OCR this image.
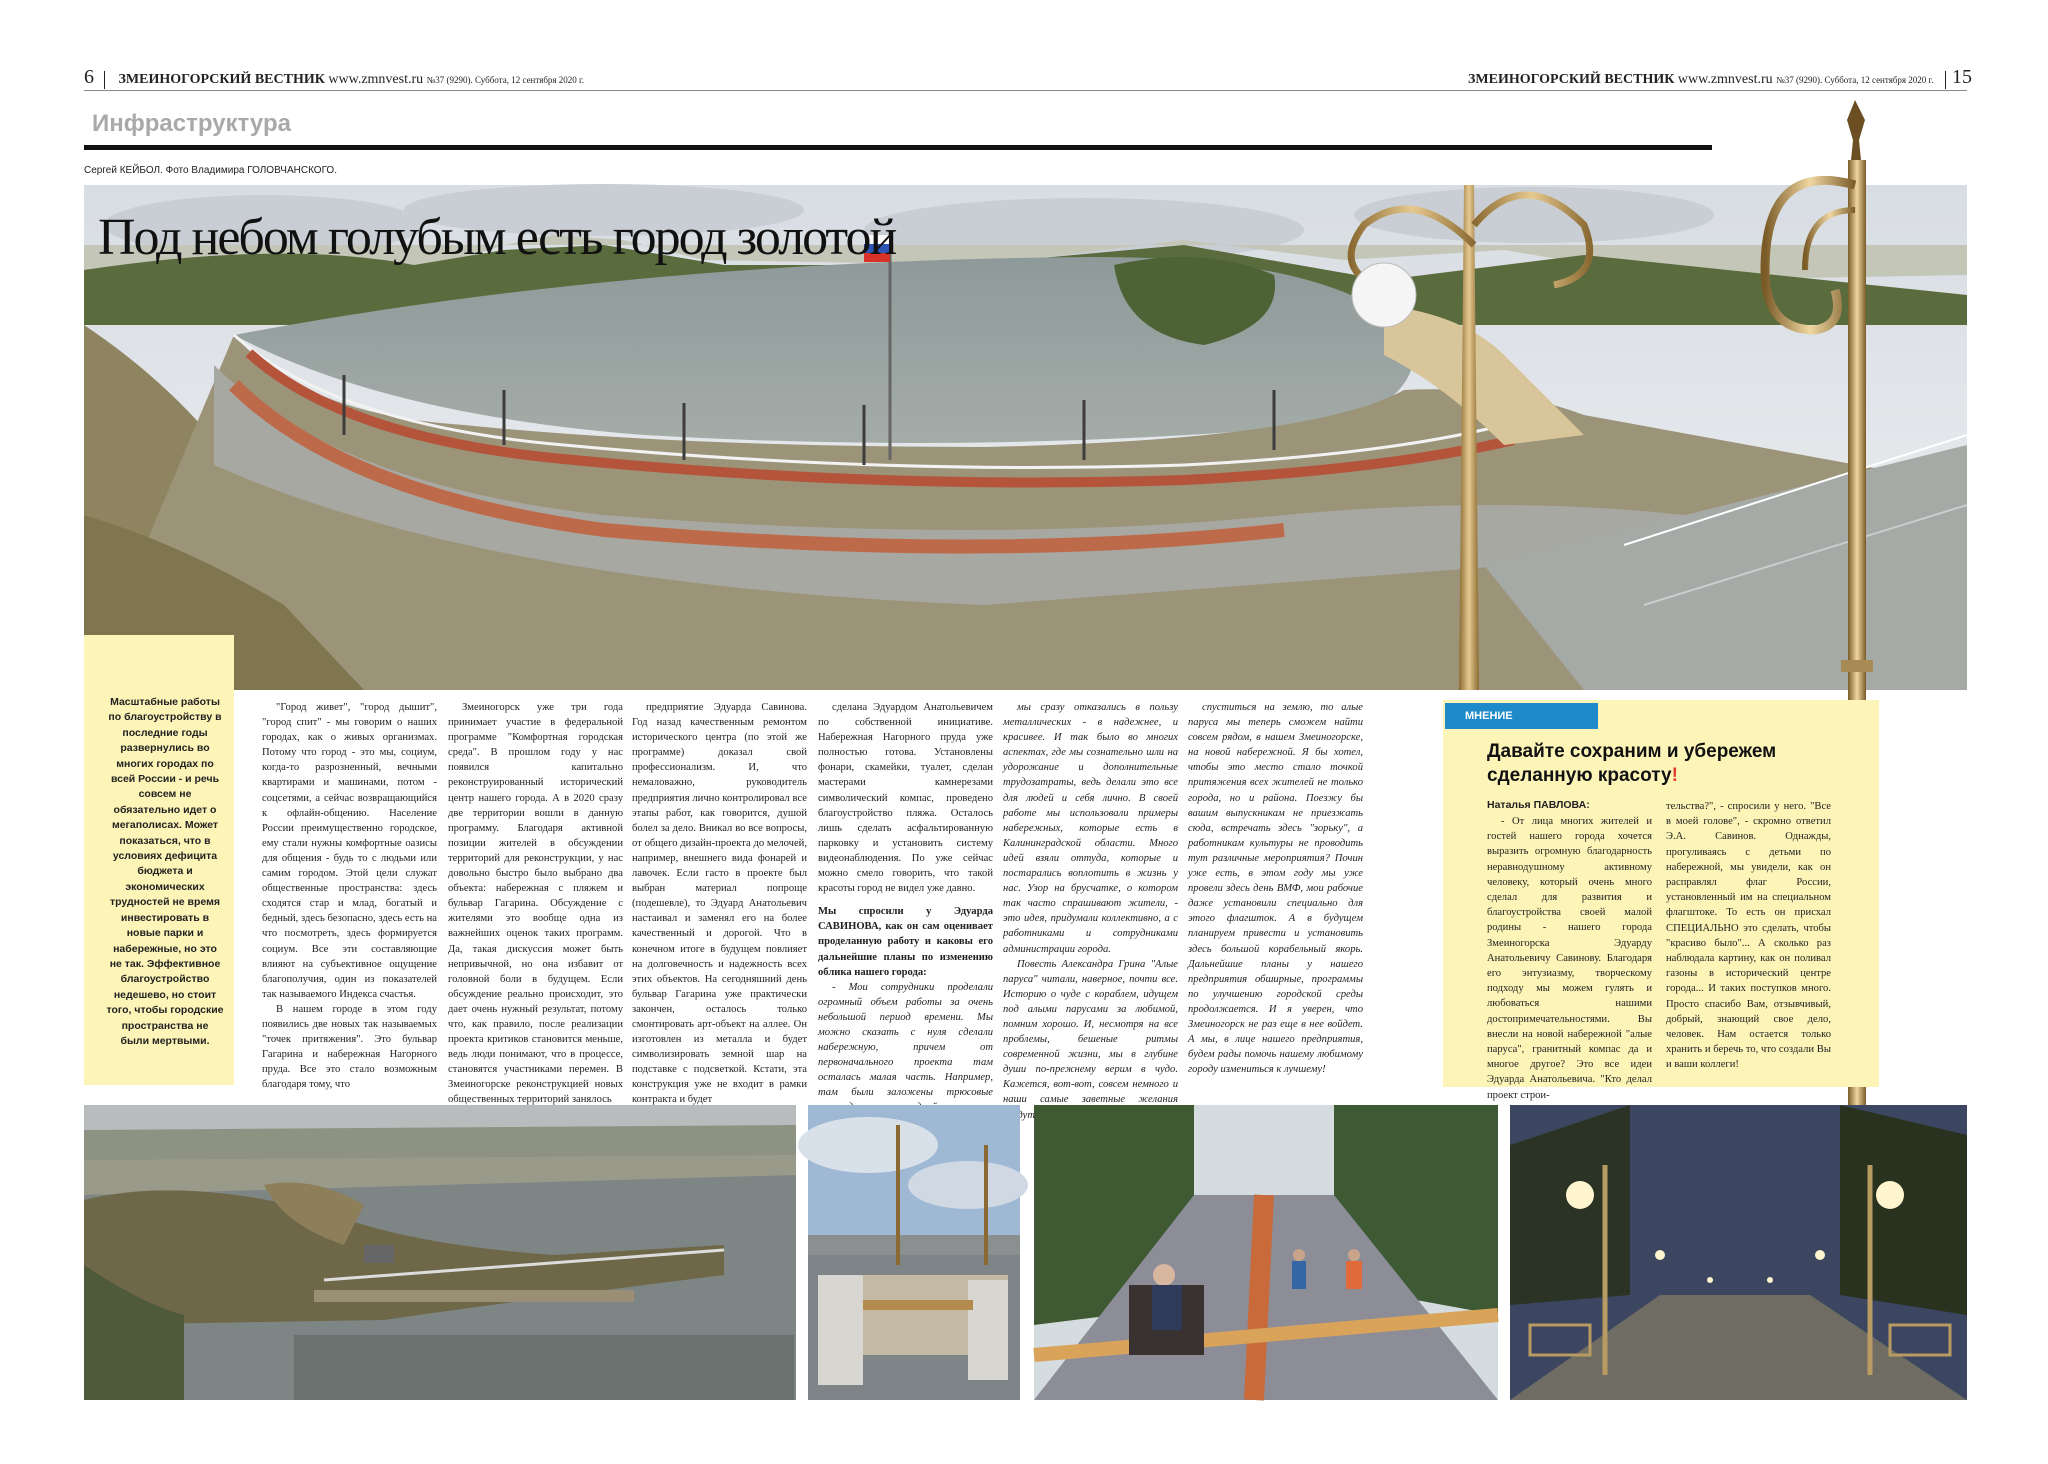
6 ЗМЕИНОГОРСКИЙ ВЕСТНИК www.zmnvest.ru №37 (9290). Суббота, 12 сентября 2020 г.	ЗМЕИНОГОРСКИЙ ВЕСТНИК www.zmnvest.ru №37 (9290). Суббота, 12 сентября 2020 г. 15
Инфраструктура
Сергей КЕЙБОЛ. Фото Владимира ГОЛОВЧАНСКОГО.
Под небом голубым есть город золотой
Масштабные работы по благоустройству в последние годы развернулись во многих городах по всей России - и речь совсем не обязательно идет о мегаполисах. Может показаться, что в условиях дефицита бюджета и экономических трудностей не время инвестировать в новые парки и набережные, но это не так. Эффективное благоустройство недешево, но стоит того, чтобы городские пространства не были мертвыми.

"Город живет", "город дышит", "город спит" - мы говорим о наших городах, как о живых организмах. Потому что город - это мы, социум, когда-то разрозненный, вечными квартирами и машинами, потом - соцсетями, а сейчас возвращающийся к офлайн-общению. Население России преимущественно городское, ему стали нужны комфортные оазисы для общения - будь то с людьми или самим городом. Этой цели служат общественные пространства: здесь сходятся стар и млад, богатый и бедный, здесь безопасно, здесь есть на что посмотреть, здесь формируется социум. Все эти составляющие влияют на субъективное ощущение благополучия, один из показателей так называемого Индекса счастья.

В нашем городе в этом году появились две новых так называемых "точек притяжения". Это бульвар Гагарина и набережная Нагорного пруда. Все это стало возможным благодаря тому, что

Змеиногорск уже три года принимает участие в федеральной программе "Комфортная городская среда". В прошлом году у нас появился капитально реконструированный исторический центр нашего города. А в 2020 сразу две территории вошли в данную программу. Благодаря активной позиции жителей в обсуждении территорий для реконструкции, у нас довольно быстро было выбрано два объекта: набережная с пляжем и бульвар Гагарина. Обсуждение с жителями это вообще одна из важнейших оценок таких программ. Да, такая дискуссия может быть непривычной, но она избавит от головной боли в будущем. Если обсуждение реально происходит, это дает очень нужный результат, потому что, как правило, после реализации проекта критиков становится меньше, ведь люди понимают, что в процессе, становятся участниками перемен. В Змеиногорске реконструкцией новых общественных территорий занялось

предприятие Эдуарда Савинова. Год назад качественным ремонтом исторического центра (по этой же программе) доказал свой профессионализм. И, что немаловажно, руководитель предприятия лично контролировал все этапы работ, как говорится, душой болел за дело. Вникал во все вопросы, от общего дизайн-проекта до мелочей, например, внешнего вида фонарей и лавочек. Если гасто в проекте был выбран материал попроще (подешевле), то Эдуард Анатольевич настаивал и заменял его на более качественный и дорогой. Что в конечном итоге в будущем повлияет на долговечность и надежность всех этих объектов. На сегодняшний день бульвар Гагарина уже практически закончен, осталось только смонтировать арт-объект на аллее. Он изготовлен из металла и будет символизировать земной шар на подставке с подсветкой. Кстати, эта конструкция уже не входит в рамки контракта и будет

сделана Эдуардом Анатольевичем по собственной инициативе. Набережная Нагорного пруда уже полностью готова. Установлены фонари, скамейки, туалет, сделан мастерами камнерезами символический компас, проведено благоустройство пляжа. Осталось лишь сделать асфальтированную парковку и установить систему видеонаблюдения. По уже сейчас можно смело говорить, что такой красоты город не видел уже давно.

Мы спросили у Эдуарда САВИНОВА, как он сам оценивает проделанную работу и каковы его дальнейшие планы по изменению облика нашего города:

- Мои сотрудники проделали огромный объем работы за очень небольшой период времени. Мы можно сказать с нуля сделали набережную, причем от первоначального проекта там осталась малая часть. Например, там были заложены трюсовые

мы сразу отказались в пользу металлических - в надежнее, и красивее. И так было во многих аспектах, где мы сознательно шли на удорожание и дополнительные трудозатраты, ведь делали это все для людей и себя лично. В своей работе мы использовали примеры набережных, которые есть в Калининградской области. Много идей взяли оттуда, которые и постарались воплотить в жизнь у нас. Узор на брусчатке, о котором так часто спрашивают жители, - это идея, придумали коллективно, а с работниками и сотрудниками администрации города.

Повесть Александра Грина "Алые паруса" читали, наверное, почти все. Историю о чуде с кораблем, идущем под алыми парусами за любимой, помним хорошо. И, несмотря на все проблемы, бешеные ритмы современной жизни, мы в глубине души по-прежнему верим в чудо. Кажется, вот-вот, совсем немного и наши самые заветные желания сбудутся.

спуститься на землю, то алые паруса мы теперь сможем найти совсем рядом, в нашем Змеиногорске, на новой набережной. Я бы хотел, чтобы это место стало точкой притяжения всех жителей не только города, но и района. Поезжу бы вашим выпускникам не приезжать сюда, встречать здесь "зорьку", а работникам культуры не проводить тут различные мероприятия? Почин уже есть, в этом году мы уже провели здесь день ВМФ, мои рабочие даже установили специально для этого флагшток. А в будущем планируем привести и установить здесь большой корабельный якорь. Дальнейшие планы у нашего предприятия обширные, программы по улучшению городской среды продолжается. И я уверен, что Змеиногорск не раз еще в нее войдет. А мы, в лице нашего предприятия, будем рады помочь нашему любимому городу измениться к лучшему!

МНЕНИЕ
Давайте сохраним и убережем сделанную красоту!
Наталья ПАВЛОВА:

- От лица многих жителей и гостей нашего города хочется выразить огромную благодарность неравнодушному активному человеку, который очень много сделал для развития и благоустройства своей малой родины - нашего города Змеиногорска Эдуарду Анатольевичу Савинову. Благодаря его энтузиазму, творческому подходу мы можем гулять и любоваться нашими достопримечательностями. Вы внесли на новой набережной "алые паруса", гранитный компас да и многое другое? Это все идеи Эдуарда Анатольевича. "Кто делал проект строи-

тельства?", - спросили у него. "Все в моей голове", - скромно ответил Э.А. Савинов. Однажды, прогуливаясь с детьми по набережной, мы увидели, как он расправлял флаг России, установленный им на специальном флагштоке. То есть он присхал СПЕЦИАЛЬНО это сделать, чтобы "красиво было"... А сколько раз наблюдала картину, как он поливал газоны в исторический центре города... И таких поступков много. Просто спасибо Вам, отзывчивый, добрый, знающий свое дело, человек. Нам остается только хранить и беречь то, что создали Вы и ваши коллеги!
